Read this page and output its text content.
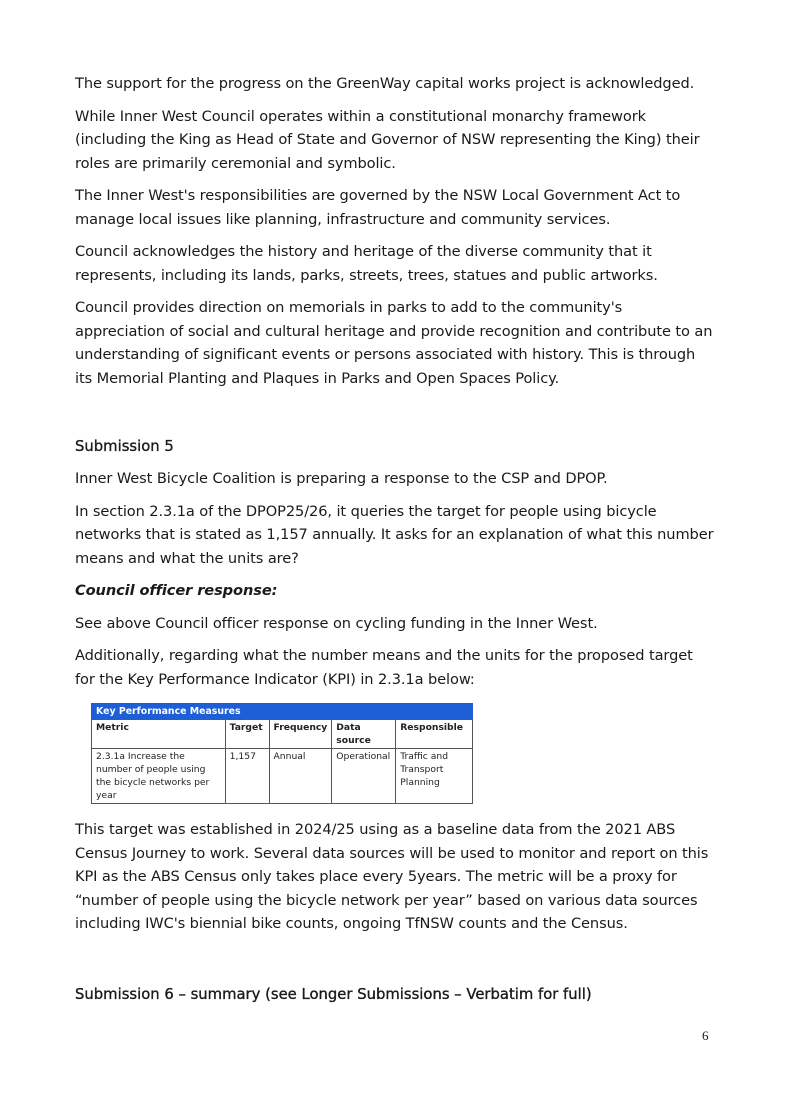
The support for the progress on the GreenWay capital works project is acknowledged.

While Inner West Council operates within a constitutional monarchy framework (including the King as Head of State and Governor of NSW representing the King) their roles are primarily ceremonial and symbolic.

The Inner West's responsibilities are governed by the NSW Local Government Act to manage local issues like planning, infrastructure and community services.

Council acknowledges the history and heritage of the diverse community that it represents, including its lands, parks, streets, trees, statues and public artworks.

Council provides direction on memorials in parks to add to the community's appreciation of social and cultural heritage and provide recognition and contribute to an understanding of significant events or persons associated with history. This is through its Memorial Planting and Plaques in Parks and Open Spaces Policy.

Submission 5

Inner West Bicycle Coalition is preparing a response to the CSP and DPOP.

In section 2.3.1a of the DPOP25/26, it queries the target for people using bicycle networks that is stated as 1,157 annually. It asks for an explanation of what this number means and what the units are?

Council officer response:

See above Council officer response on cycling funding in the Inner West.

Additionally, regarding what the number means and the units for the proposed target for the Key Performance Indicator (KPI) in 2.3.1a below:

Key Performance Measures				
Metric	Target	Frequency	Data source	Responsible
2.3.1a Increase the number of people using the bicycle networks per year	1,157	Annual	Operational	Traffic and Transport Planning

This target was established in 2024/25 using as a baseline data from the 2021 ABS Census Journey to work. Several data sources will be used to monitor and report on this KPI as the ABS Census only takes place every 5years. The metric will be a proxy for “number of people using the bicycle network per year” based on various data sources including IWC's biennial bike counts, ongoing TfNSW counts and the Census.

Submission 6 – summary (see Longer Submissions – Verbatim for full)
6
